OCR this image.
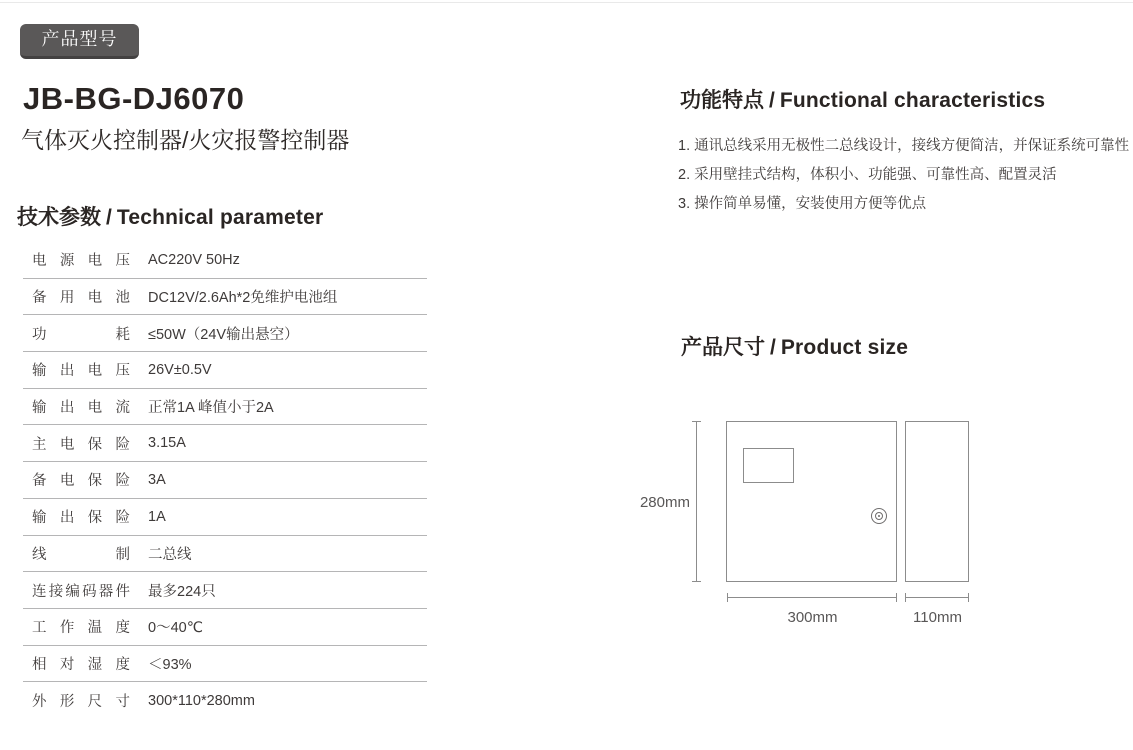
产品型号
JB-BG-DJ6070
气体灭火控制器/火灾报警控制器
技术参数 / Technical parameter
电 源 电 压 AC220V 50Hz
备 用 电 池 DC12V/2.6Ah*2免维护电池组
功 耗 ≤50W（24V输出悬空）
输 出 电 压 26V±0.5V
输 出 电 流 正常1A 峰值小于2A
主 电 保 险 3.15A
备 电 保 险 3A
输 出 保 险 1A
线 制 二总线
连接编码器件 最多224只
工 作 温 度 0～40℃
相 对 湿 度 ＜93%
外 形 尺 寸 300*110*280mm
功能特点 / Functional characteristics
1. 通讯总线采用无极性二总线设计，接线方便简洁，并保证系统可靠性
2. 采用壁挂式结构，体积小、功能强、可靠性高、配置灵活
3. 操作简单易懂，安装使用方便等优点
产品尺寸 / Product size
280mm
300mm	110mm
